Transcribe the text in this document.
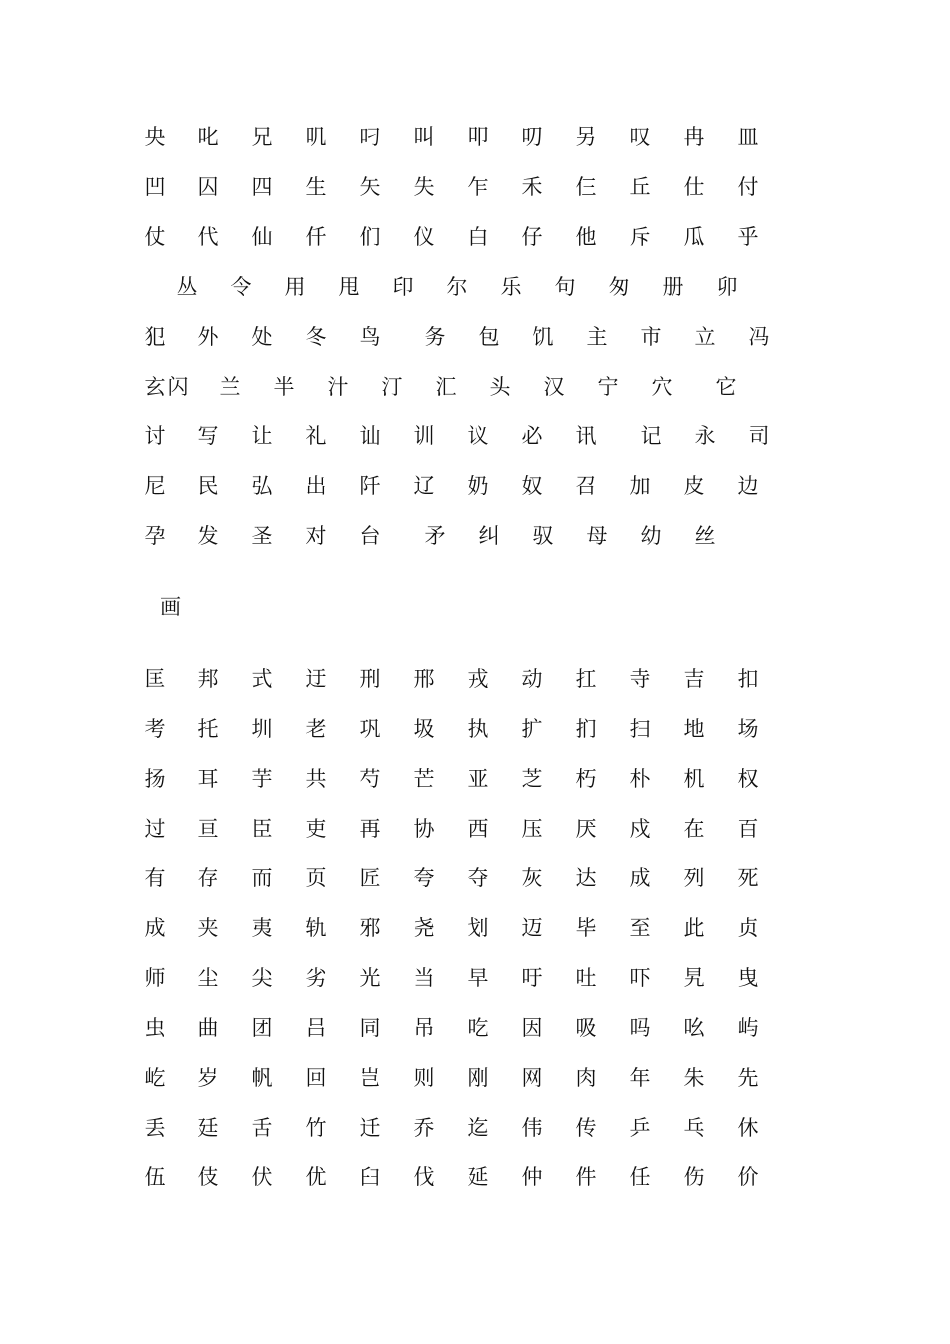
央 叱 兄 叽 叼 叫 叩 叨 另 叹 冉 皿
凹 囚 四 生 矢 失 乍 禾 仨 丘 仕 付
仗 代 仙 仟 们 仪 白 仔 他 斥 瓜 乎
丛 令 用 甩 印 尔 乐 句 匆 册 卯
犯 外 处 冬 鸟 务 包 饥 主 市 立 冯
玄 闪 兰 半 汁 汀 汇 头 汉 宁 穴 它
讨 写 让 礼 讪 训 议 必 讯 记 永 司
尼 民 弘 出 阡 辽 奶 奴 召 加 皮 边
孕 发 圣 对 台 矛 纠 驭 母 幼 丝
画
匡 邦 式 迂 刑 邢 戎 动 扛 寺 吉 扣
考 托 圳 老 巩 圾 执 扩 扪 扫 地 场
扬 耳 芋 共 芍 芒 亚 芝 朽 朴 机 权
过 亘 臣 吏 再 协 西 压 厌 戍 在 百
有 存 而 页 匠 夸 夺 灰 达 成 列 死
成 夹 夷 轨 邪 尧 划 迈 毕 至 此 贞
师 尘 尖 劣 光 当 早 吁 吐 吓 旯 曳
虫 曲 团 吕 同 吊 吃 因 吸 吗 吆 屿
屹 岁 帆 回 岂 则 刚 网 肉 年 朱 先
丢 廷 舌 竹 迁 乔 迄 伟 传 乒 乓 休
伍 伎 伏 优 臼 伐 延 仲 件 任 伤 价
